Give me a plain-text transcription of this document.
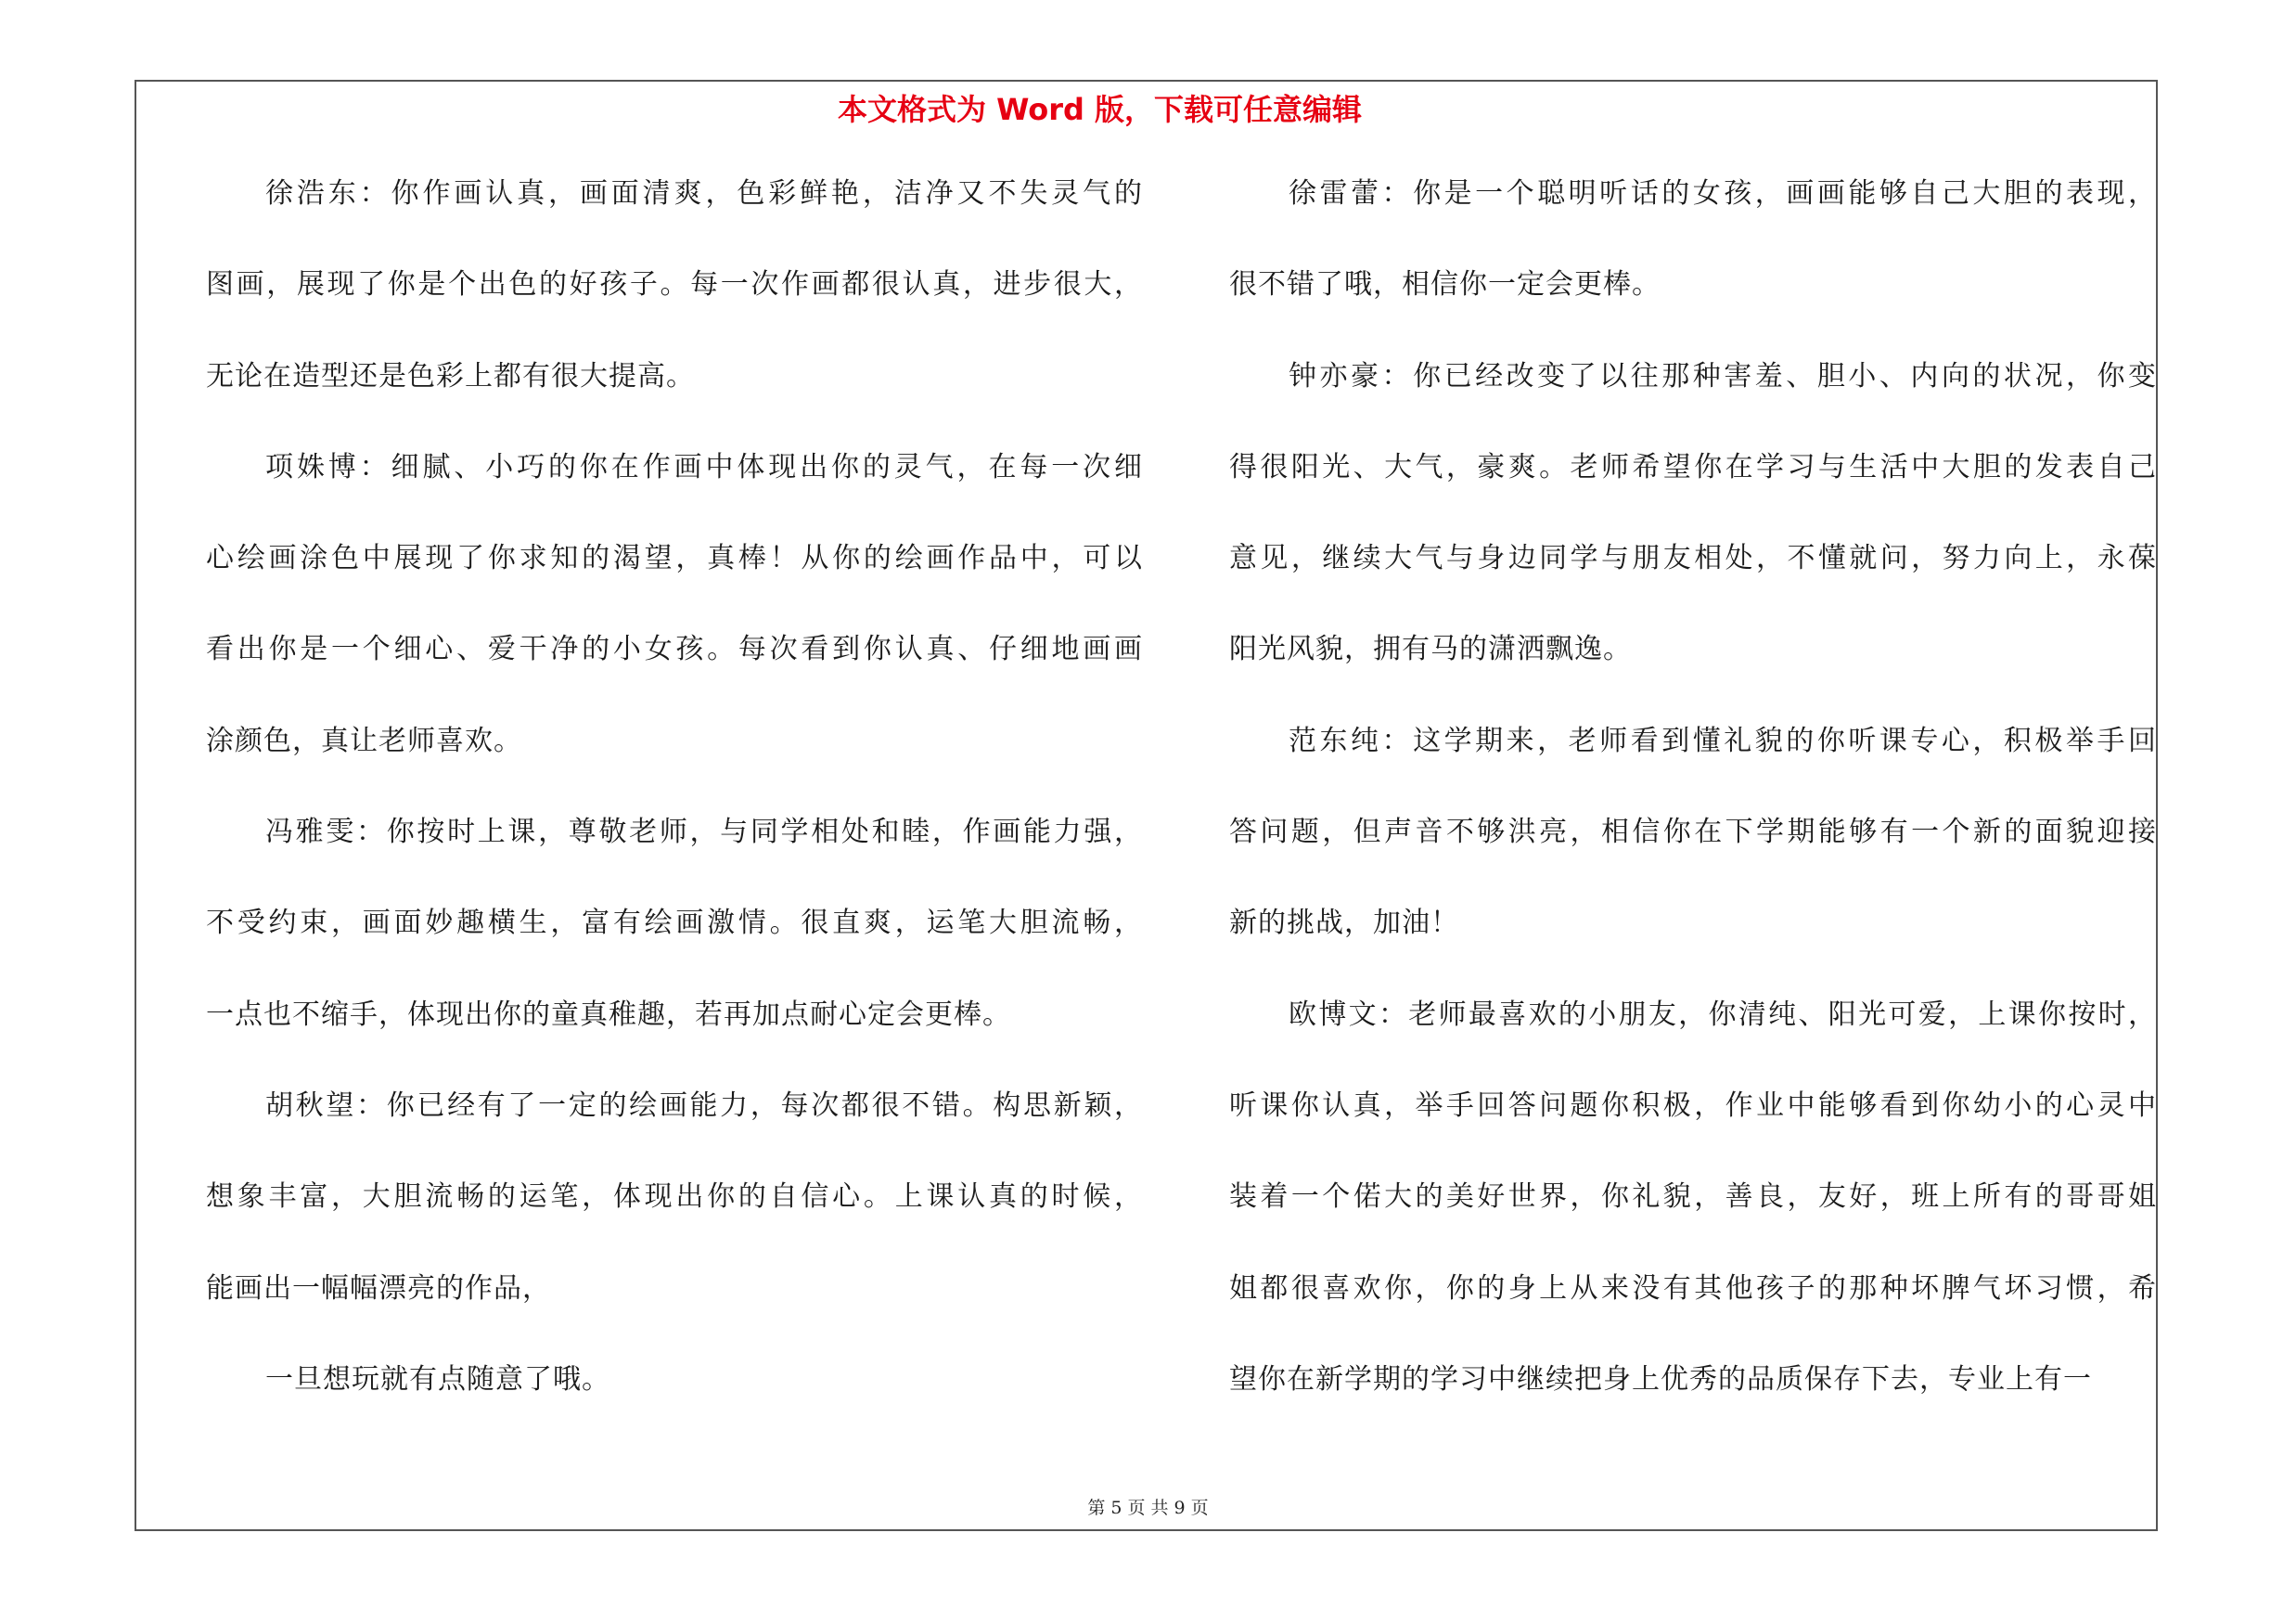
本文格式为 Word 版，下载可任意编辑
徐浩东：你作画认真，画面清爽，色彩鲜艳，洁净又不失灵气的
图画，展现了你是个出色的好孩子。每一次作画都很认真，进步很大，
无论在造型还是色彩上都有很大提高。
项姝博：细腻、小巧的你在作画中体现出你的灵气，在每一次细
心绘画涂色中展现了你求知的渴望，真棒！从你的绘画作品中，可以
看出你是一个细心、爱干净的小女孩。每次看到你认真、仔细地画画
涂颜色，真让老师喜欢。
冯雅雯：你按时上课，尊敬老师，与同学相处和睦，作画能力强，
不受约束，画面妙趣横生，富有绘画激情。很直爽，运笔大胆流畅，
一点也不缩手，体现出你的童真稚趣，若再加点耐心定会更棒。
胡秋望：你已经有了一定的绘画能力，每次都很不错。构思新颖，
想象丰富，大胆流畅的运笔，体现出你的自信心。上课认真的时候，
能画出一幅幅漂亮的作品，
一旦想玩就有点随意了哦。
徐雷蕾：你是一个聪明听话的女孩，画画能够自己大胆的表现，
很不错了哦，相信你一定会更棒。
钟亦豪：你已经改变了以往那种害羞、胆小、内向的状况，你变
得很阳光、大气，豪爽。老师希望你在学习与生活中大胆的发表自己
意见，继续大气与身边同学与朋友相处，不懂就问，努力向上，永葆
阳光风貌，拥有马的潇洒飘逸。
范东纯：这学期来，老师看到懂礼貌的你听课专心，积极举手回
答问题，但声音不够洪亮，相信你在下学期能够有一个新的面貌迎接
新的挑战，加油！
欧博文：老师最喜欢的小朋友，你清纯、阳光可爱，上课你按时，
听课你认真，举手回答问题你积极，作业中能够看到你幼小的心灵中
装着一个偌大的美好世界，你礼貌，善良，友好，班上所有的哥哥姐
姐都很喜欢你，你的身上从来没有其他孩子的那种坏脾气坏习惯，希
望你在新学期的学习中继续把身上优秀的品质保存下去，专业上有一
第 5 页 共 9 页
